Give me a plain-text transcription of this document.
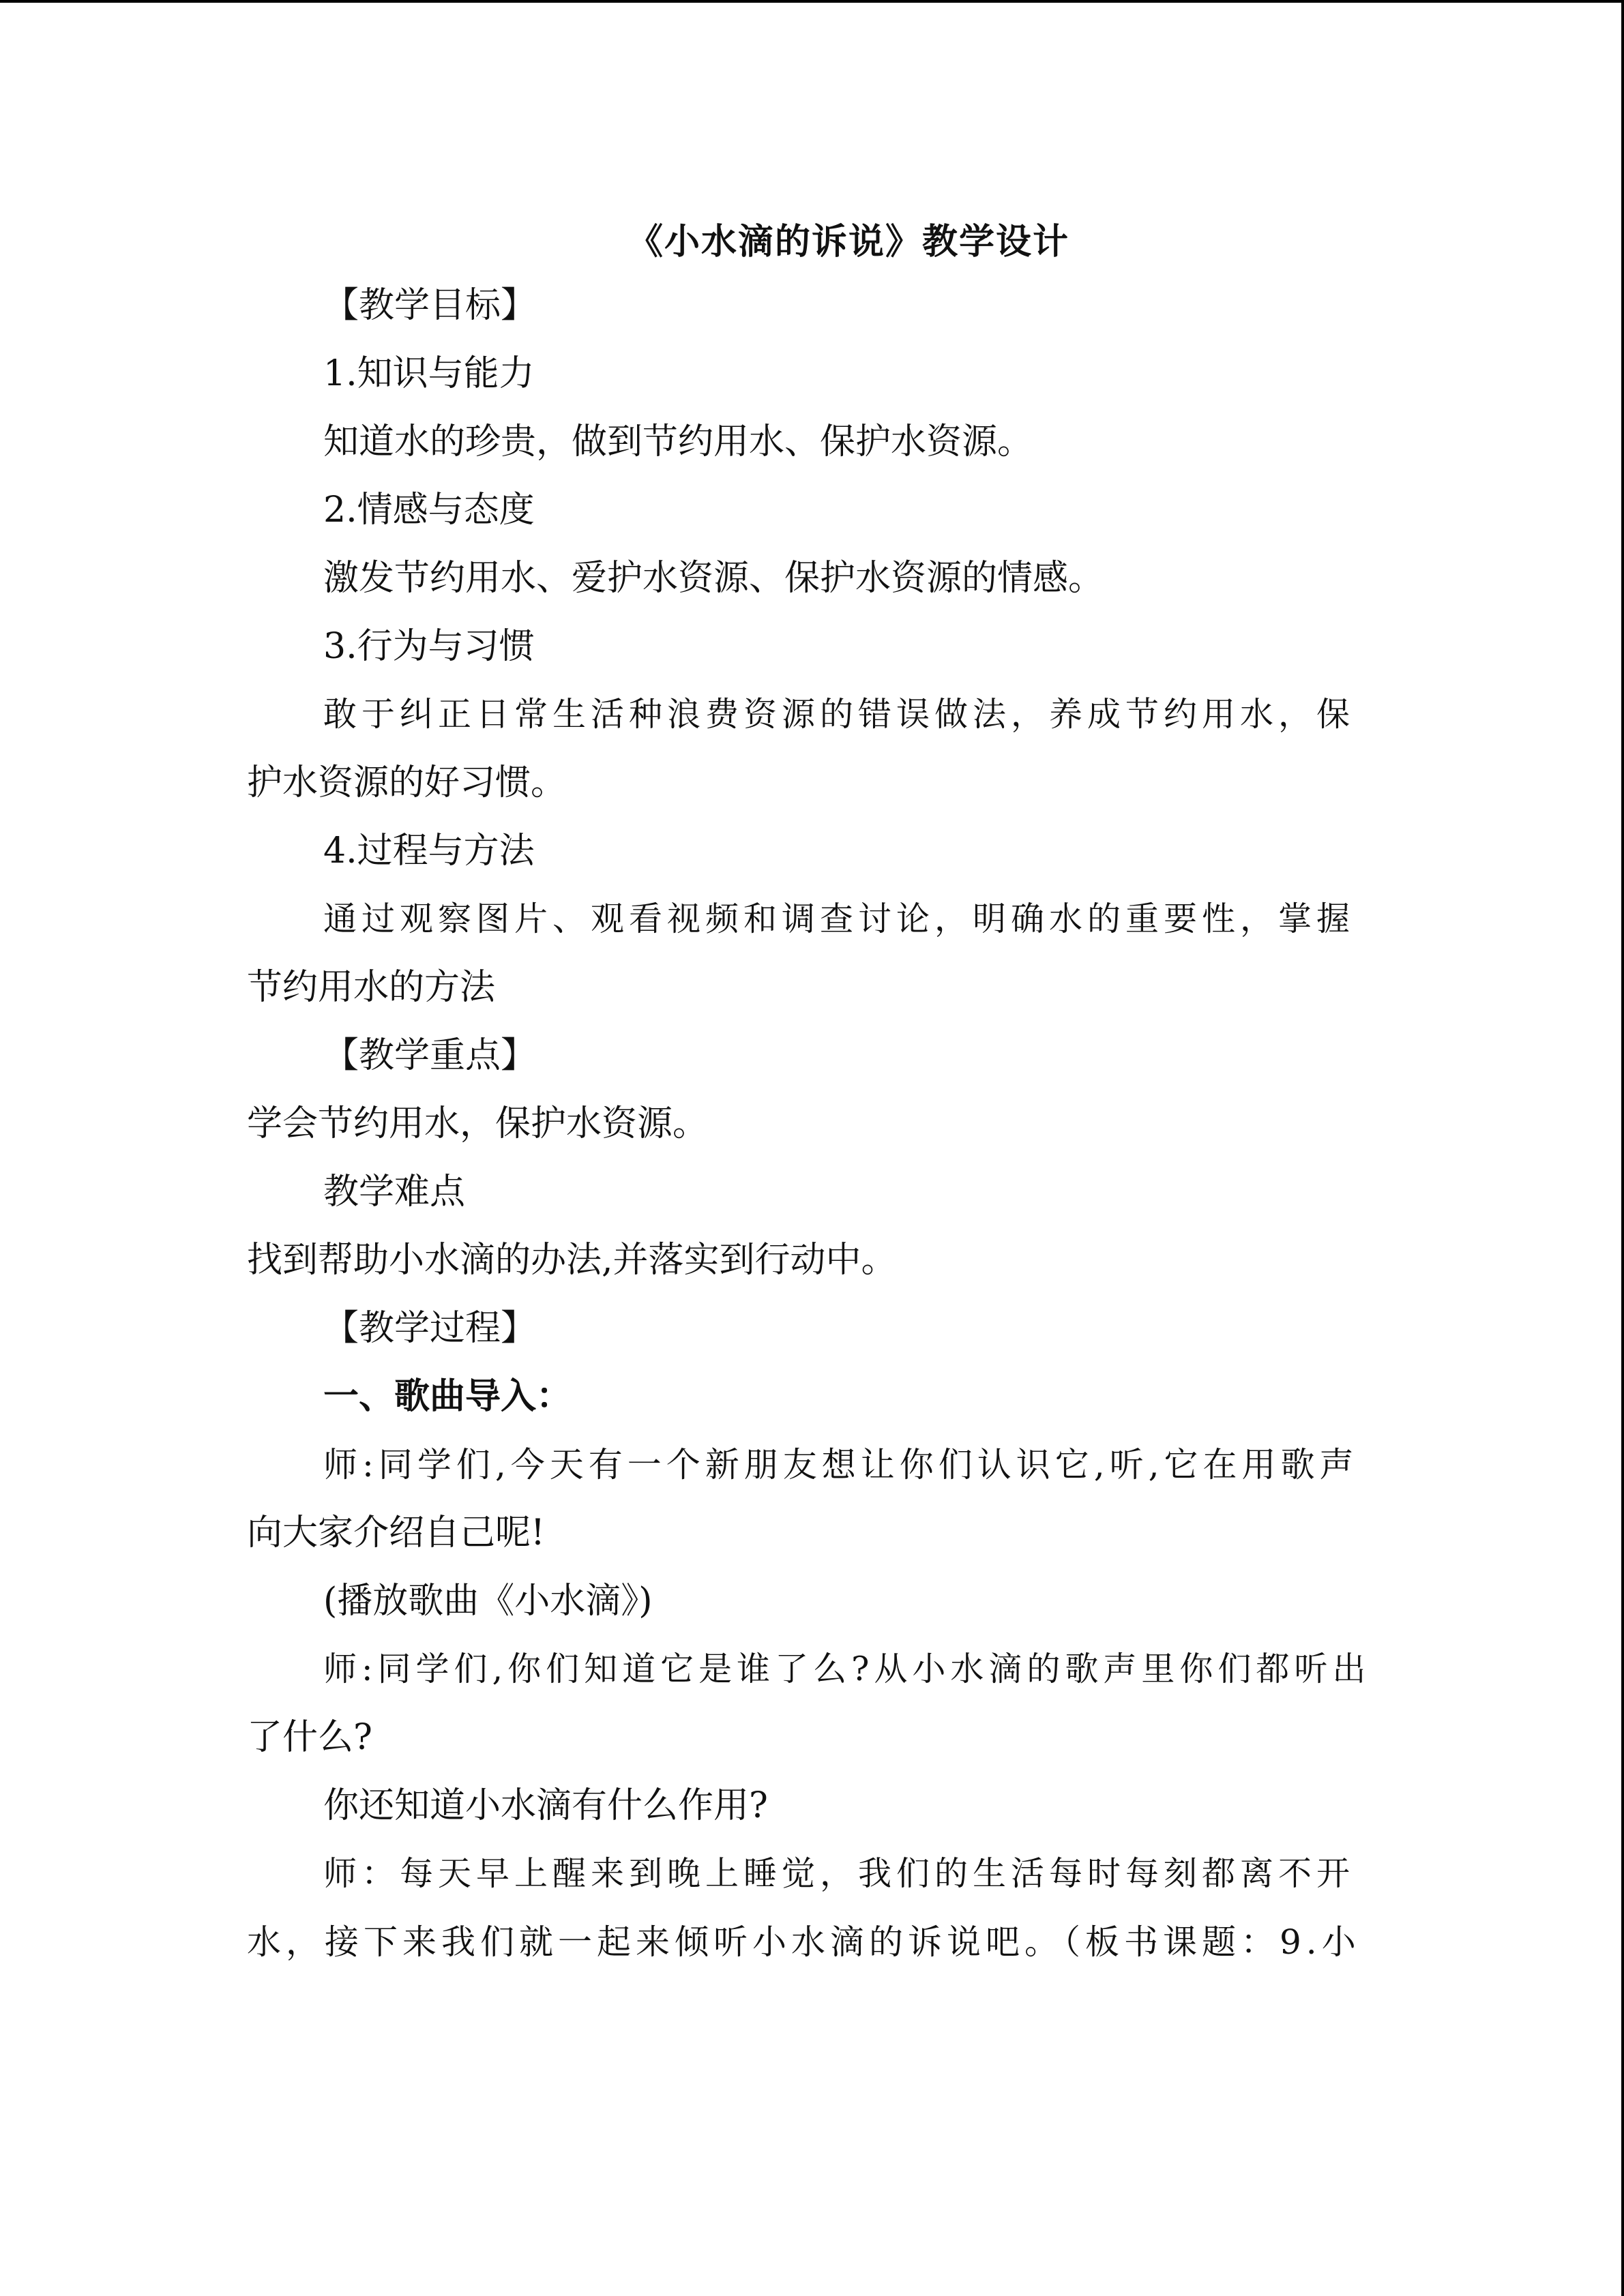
《小水滴的诉说》教学设计
【教学目标】
1.知识与能力
知道水的珍贵，做到节约用水、保护水资源。
2.情感与态度
激发节约用水、爱护水资源、保护水资源的情感。
3.行为与习惯
敢于纠正日常生活种浪费资源的错误做法，养成节约用水，保
护水资源的好习惯。
4.过程与方法
通过观察图片、观看视频和调查讨论，明确水的重要性，掌握
节约用水的方法
【教学重点】
学会节约用水，保护水资源。
教学难点
找到帮助小水滴的办法,并落实到行动中。
【教学过程】
一、歌曲导入：
师:同学们,今天有一个新朋友想让你们认识它,听,它在用歌声
向大家介绍自己呢!
(播放歌曲《小水滴》)
师:同学们,你们知道它是谁了么?从小水滴的歌声里你们都听出
了什么?
你还知道小水滴有什么作用?
师：每天早上醒来到晚上睡觉，我们的生活每时每刻都离不开
水，接下来我们就一起来倾听小水滴的诉说吧。（板书课题：9.小
